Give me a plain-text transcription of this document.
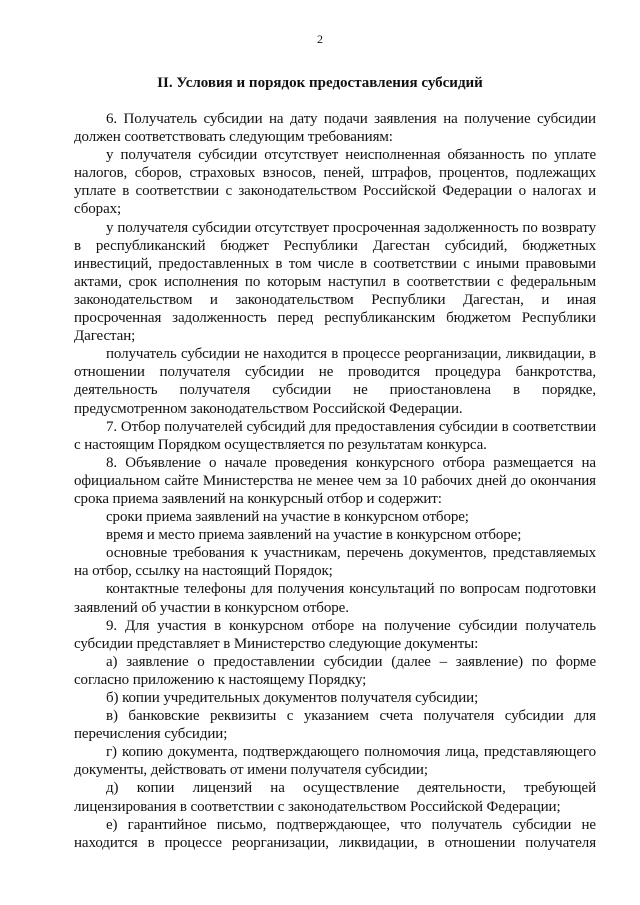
2
II. Условия и порядок предоставления субсидий

6. Получатель субсидии на дату подачи заявления на получение субсидии должен соответствовать следующим требованиям:

у получателя субсидии отсутствует неисполненная обязанность по уплате налогов, сборов, страховых взносов, пеней, штрафов, процентов, подлежащих уплате в соответствии с законодательством Российской Федерации о налогах и сборах;

у получателя субсидии отсутствует просроченная задолженность по возврату в республиканский бюджет Республики Дагестан субсидий, бюджетных инвестиций, предоставленных в том числе в соответствии с иными правовыми актами, срок исполнения по которым наступил в соответствии с федеральным законодательством и законодательством Республики Дагестан, и иная просроченная задолженность перед республиканским бюджетом Республики Дагестан;

получатель субсидии не находится в процессе реорганизации, ликвидации, в отношении получателя субсидии не проводится процедура банкротства, деятельность получателя субсидии не приостановлена в порядке, предусмотренном законодательством Российской Федерации.

7. Отбор получателей субсидий для предоставления субсидии в соответствии с настоящим Порядком осуществляется по результатам конкурса.

8. Объявление о начале проведения конкурсного отбора размещается на официальном сайте Министерства не менее чем за 10 рабочих дней до окончания срока приема заявлений на конкурсный отбор и содержит:

сроки приема заявлений на участие в конкурсном отборе;

время и место приема заявлений на участие в конкурсном отборе;

основные требования к участникам, перечень документов, представляемых на отбор, ссылку на настоящий Порядок;

контактные телефоны для получения консультаций по вопросам подготовки заявлений об участии в конкурсном отборе.

9. Для участия в конкурсном отборе на получение субсидии получатель субсидии представляет в Министерство следующие документы:

а) заявление о предоставлении субсидии (далее – заявление) по форме согласно приложению к настоящему Порядку;

б) копии учредительных документов получателя субсидии;

в) банковские реквизиты с указанием счета получателя субсидии для перечисления субсидии;

г) копию документа, подтверждающего полномочия лица, представляющего документы, действовать от имени получателя субсидии;

д) копии лицензий на осуществление деятельности, требующей лицензирования в соответствии с законодательством Российской Федерации;

е) гарантийное письмо, подтверждающее, что получатель субсидии не находится в процессе реорганизации, ликвидации, в отношении получателя
